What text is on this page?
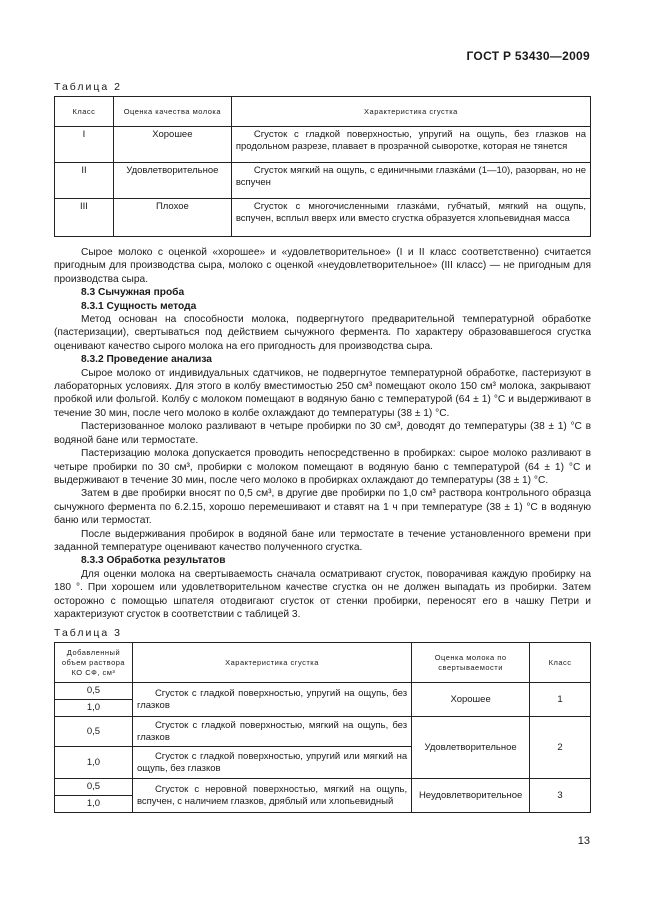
ГОСТ Р 53430—2009
Таблица 2
Класс	Оценка качества молока	Характеристика сгустка
I	Хорошее	Сгусток с гладкой поверхностью, упругий на ощупь, без глазков на продольном разрезе, плавает в прозрачной сыворотке, которая не тянется
II	Удовлетворительное	Сгусток мягкий на ощупь, с единичными глазка́ми (1—10), разорван, но не вспучен
III	Плохое	Сгусток с многочисленными глазка́ми, губчатый, мягкий на ощупь, вспучен, всплыл вверх или вместо сгустка образуется хлопьевидная масса

Сырое молоко с оценкой «хорошее» и «удовлетворительное» (I и II класс соответственно) считается пригодным для производства сыра, молоко с оценкой «неудовлетворительное» (III класс) — не пригодным для производства сыра.

8.3 Сычужная проба

8.3.1 Сущность метода

Метод основан на способности молока, подвергнутого предварительной температурной обработке (пастеризации), свертываться под действием сычужного фермента. По характеру образовавшегося сгустка оценивают качество сырого молока на его пригодность для производства сыра.

8.3.2 Проведение анализа

Сырое молоко от индивидуальных сдатчиков, не подвергнутое температурной обработке, пастеризуют в лабораторных условиях. Для этого в колбу вместимостью 250 см³ помещают около 150 см³ молока, закрывают пробкой или фольгой. Колбу с молоком помещают в водяную баню с температурой (64 ± 1) °С и выдерживают в течение 30 мин, после чего молоко в колбе охлаждают до температуры (38 ± 1) °С.

Пастеризованное молоко разливают в четыре пробирки по 30 см³, доводят до температуры (38 ± 1) °С в водяной бане или термостате.

Пастеризацию молока допускается проводить непосредственно в пробирках: сырое молоко разливают в четыре пробирки по 30 см³, пробирки с молоком помещают в водяную баню с температурой (64 ± 1) °С и выдерживают в течение 30 мин, после чего молоко в пробирках охлаждают до температуры (38 ± 1) °С.

Затем в две пробирки вносят по 0,5 см³, в другие две пробирки по 1,0 см³ раствора контрольного образца сычужного фермента по 6.2.15, хорошо перемешивают и ставят на 1 ч при температуре (38 ± 1) °С в водяную баню или термостат.

После выдерживания пробирок в водяной бане или термостате в течение установленного времени при заданной температуре оценивают качество полученного сгустка.

8.3.3 Обработка результатов

Для оценки молока на свертываемость сначала осматривают сгусток, поворачивая каждую пробирку на 180 °. При хорошем или удовлетворительном качестве сгустка он не должен выпадать из пробирки. Затем осторожно с помощью шпателя отодвигают сгусток от стенки пробирки, переносят его в чашку Петри и характеризуют сгусток в соответствии с таблицей 3.

Таблица 3
Добавленный объем раствора КО СФ, см³	Характеристика сгустка	Оценка молока по свертываемости	Класс
0,5	Сгусток с гладкой поверхностью, упругий на ощупь, без глазков	Хорошее	1
1,0			
0,5	Сгусток с гладкой поверхностью, мягкий на ощупь, без глазков	Удовлетворительное	2
1,0	Сгусток с гладкой поверхностью, упругий или мягкий на ощупь, без глазков		
0,5	Сгусток с неровной поверхностью, мягкий на ощупь, вспучен, с наличием глазков, дряблый или хлопьевидный	Неудовлетворительное	3
1,0			
13
